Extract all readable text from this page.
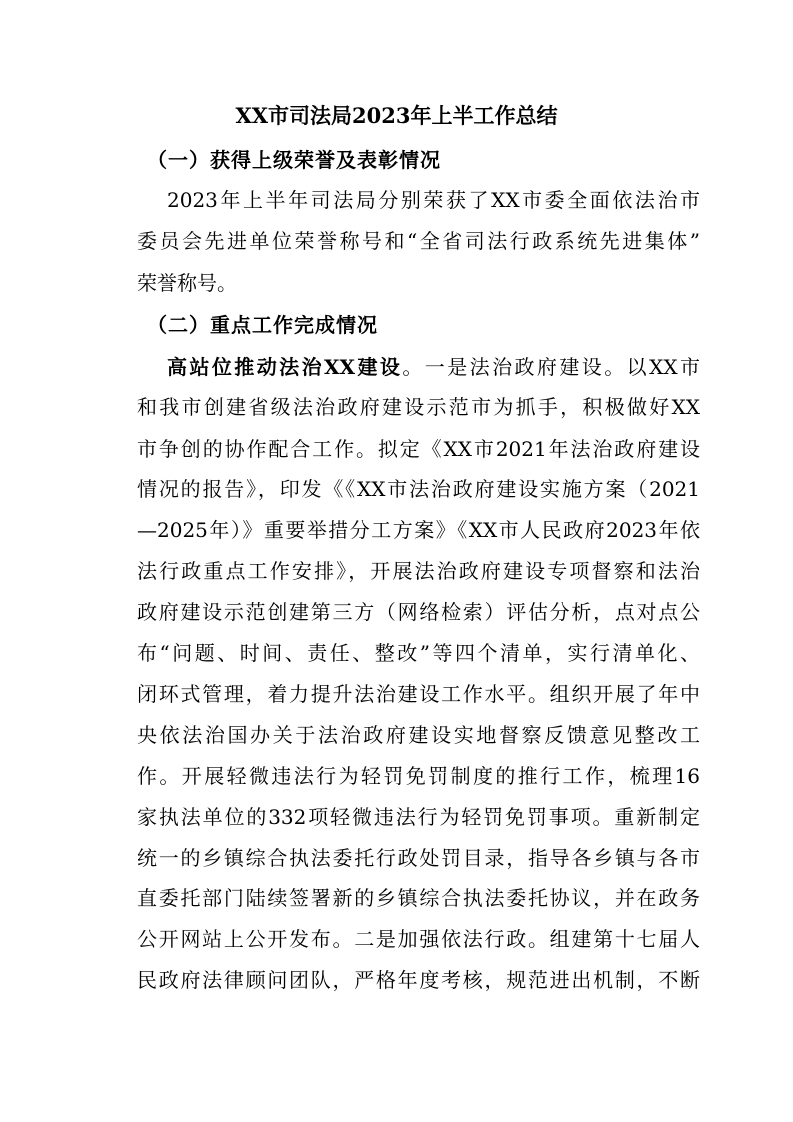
XX市司法局2023年上半工作总结
（一）获得上级荣誉及表彰情况
2023年上半年司法局分别荣获了XX市委全面依法治市
委员会先进单位荣誉称号和“全省司法行政系统先进集体”
荣誉称号。
（二）重点工作完成情况
高站位推动法治XX建设。一是法治政府建设。以XX市
和我市创建省级法治政府建设示范市为抓手，积极做好XX
市争创的协作配合工作。拟定《XX市2021年法治政府建设
情况的报告》，印发《《XX市法治政府建设实施方案（2021
—2025年）》重要举措分工方案》《XX市人民政府2023年依
法行政重点工作安排》，开展法治政府建设专项督察和法治
政府建设示范创建第三方（网络检索）评估分析，点对点公
布“问题、时间、责任、整改”等四个清单，实行清单化、
闭环式管理，着力提升法治建设工作水平。组织开展了年中
央依法治国办关于法治政府建设实地督察反馈意见整改工
作。开展轻微违法行为轻罚免罚制度的推行工作，梳理16
家执法单位的332项轻微违法行为轻罚免罚事项。重新制定
统一的乡镇综合执法委托行政处罚目录，指导各乡镇与各市
直委托部门陆续签署新的乡镇综合执法委托协议，并在政务
公开网站上公开发布。二是加强依法行政。组建第十七届人
民政府法律顾问团队，严格年度考核，规范进出机制，不断
